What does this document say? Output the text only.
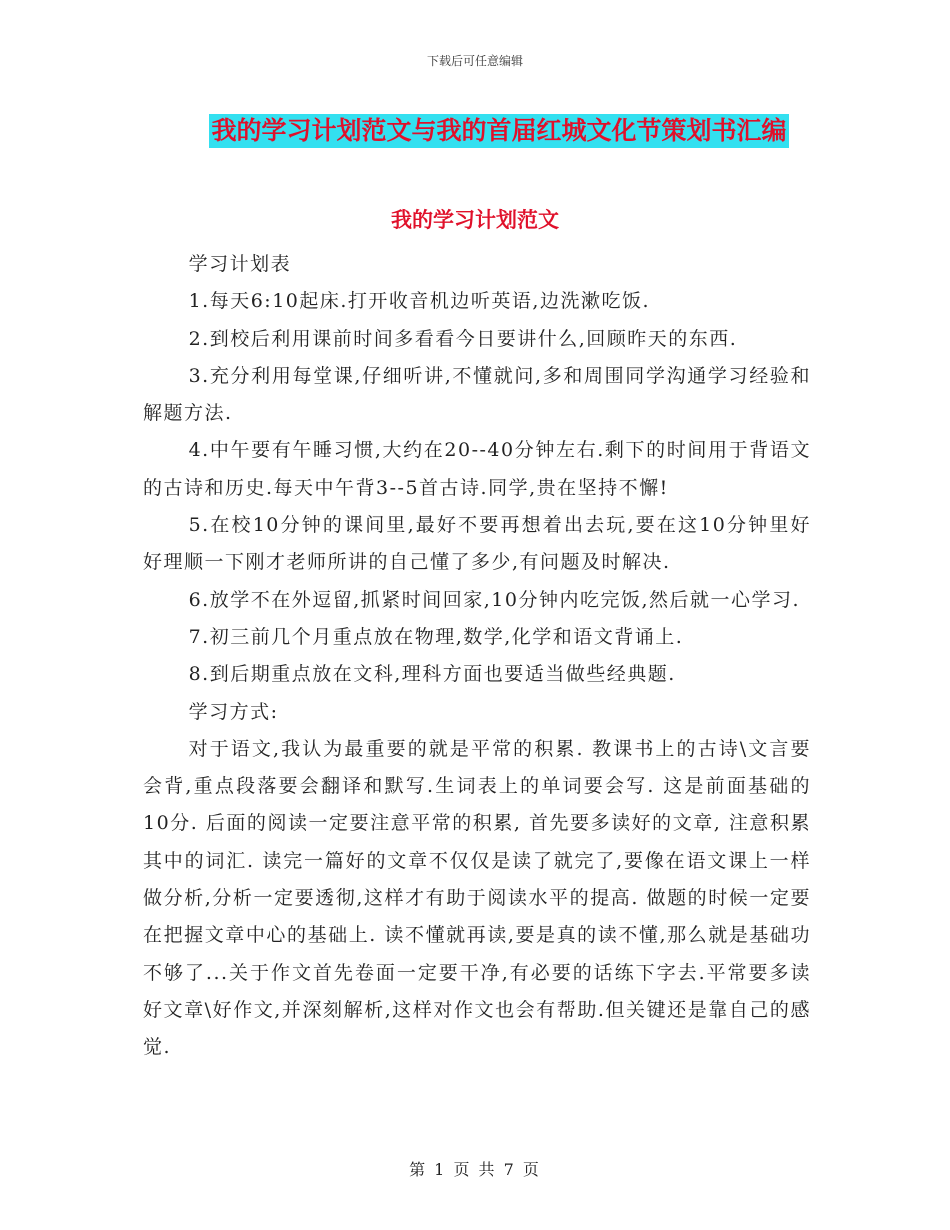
下载后可任意编辑
我的学习计划范文与我的首届红城文化节策划书汇编
我的学习计划范文

学习计划表

1.每天6:10起床.打开收音机边听英语,边洗漱吃饭.

2.到校后利用课前时间多看看今日要讲什么,回顾昨天的东西.

3.充分利用每堂课,仔细听讲,不懂就问,多和周围同学沟通学习经验和解题方法.

4.中午要有午睡习惯,大约在20--40分钟左右.剩下的时间用于背语文的古诗和历史.每天中午背3--5首古诗.同学,贵在坚持不懈!

5.在校10分钟的课间里,最好不要再想着出去玩,要在这10分钟里好好理顺一下刚才老师所讲的自己懂了多少,有问题及时解决.

6.放学不在外逗留,抓紧时间回家,10分钟内吃完饭,然后就一心学习.

7.初三前几个月重点放在物理,数学,化学和语文背诵上.

8.到后期重点放在文科,理科方面也要适当做些经典题.

学习方式:

对于语文,我认为最重要的就是平常的积累. 教课书上的古诗\文言要会背,重点段落要会翻译和默写.生词表上的单词要会写. 这是前面基础的10分. 后面的阅读一定要注意平常的积累, 首先要多读好的文章, 注意积累其中的词汇. 读完一篇好的文章不仅仅是读了就完了,要像在语文课上一样做分析,分析一定要透彻,这样才有助于阅读水平的提高. 做题的时候一定要在把握文章中心的基础上. 读不懂就再读,要是真的读不懂,那么就是基础功不够了...关于作文首先卷面一定要干净,有必要的话练下字去.平常要多读好文章\好作文,并深刻解析,这样对作文也会有帮助.但关键还是靠自己的感觉.

第 1 页 共 7 页
